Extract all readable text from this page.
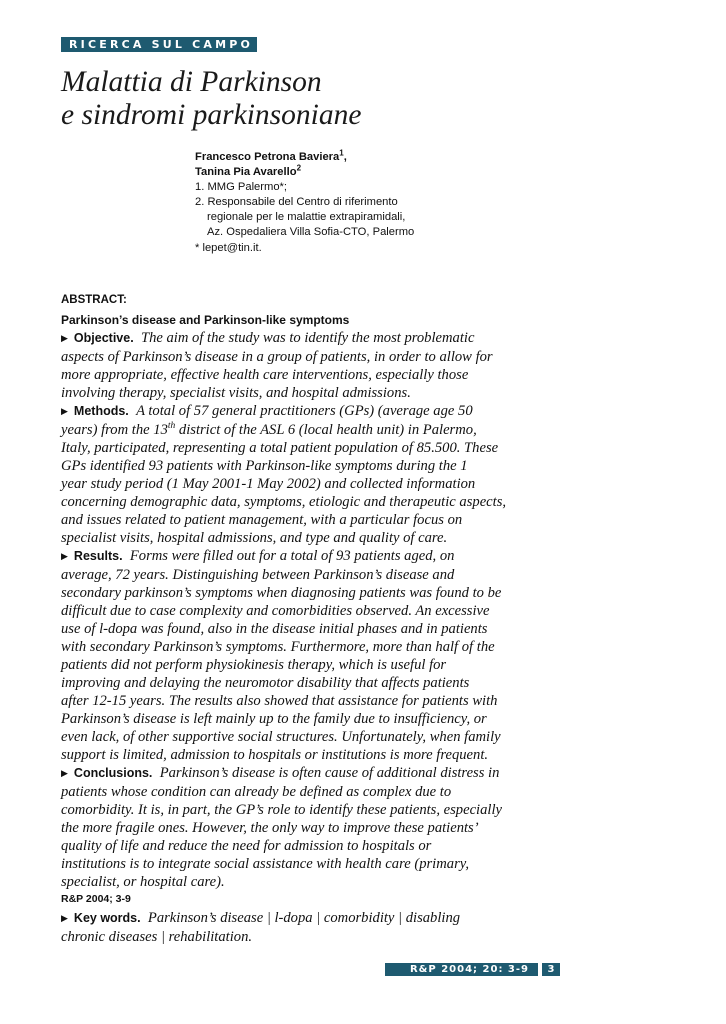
RICERCA SUL CAMPO
Malattia di Parkinson
e sindromi parkinsoniane
Francesco Petrona Baviera$^1$,
Tanina Pia Avarello$^2$
1. MMG Palermo*;
2. Responsabile del Centro di riferimento
regionale per le malattie extrapiramidali,
Az. Ospedaliera Villa Sofia-CTO, Palermo
* lepet@tin.it.

ABSTRACT:

Parkinson’s disease and Parkinson-like symptoms

▶ Objective. The aim of the study was to identify the most problematic
aspects of Parkinson’s disease in a group of patients, in order to allow for
more appropriate, effective health care interventions, especially those
involving therapy, specialist visits, and hospital admissions.
▶ Methods. A total of 57 general practitioners (GPs) (average age 50
years) from the 13th district of the ASL 6 (local health unit) in Palermo,
Italy, participated, representing a total patient population of 85.500. These
GPs identified 93 patients with Parkinson-like symptoms during the 1
year study period (1 May 2001-1 May 2002) and collected information
concerning demographic data, symptoms, etiologic and therapeutic aspects,
and issues related to patient management, with a particular focus on
specialist visits, hospital admissions, and type and quality of care.
▶ Results. Forms were filled out for a total of 93 patients aged, on
average, 72 years. Distinguishing between Parkinson’s disease and
secondary parkinson’s symptoms when diagnosing patients was found to be
difficult due to case complexity and comorbidities observed. An excessive
use of l-dopa was found, also in the disease initial phases and in patients
with secondary Parkinson’s symptoms. Furthermore, more than half of the
patients did not perform physiokinesis therapy, which is useful for
improving and delaying the neuromotor disability that affects patients
after 12-15 years. The results also showed that assistance for patients with
Parkinson’s disease is left mainly up to the family due to insufficiency, or
even lack, of other supportive social structures. Unfortunately, when family
support is limited, admission to hospitals or institutions is more frequent.
▶ Conclusions. Parkinson’s disease is often cause of additional distress in
patients whose condition can already be defined as complex due to
comorbidity. It is, in part, the GP’s role to identify these patients, especially
the more fragile ones. However, the only way to improve these patients’
quality of life and reduce the need for admission to hospitals or
institutions is to integrate social assistance with health care (primary,
specialist, or hospital care).

R&P 2004; 3-9

▶ Key words. Parkinson’s disease | l-dopa | comorbidity | disabling
chronic diseases | rehabilitation.
R&P 2004; 20: 3-9	3
